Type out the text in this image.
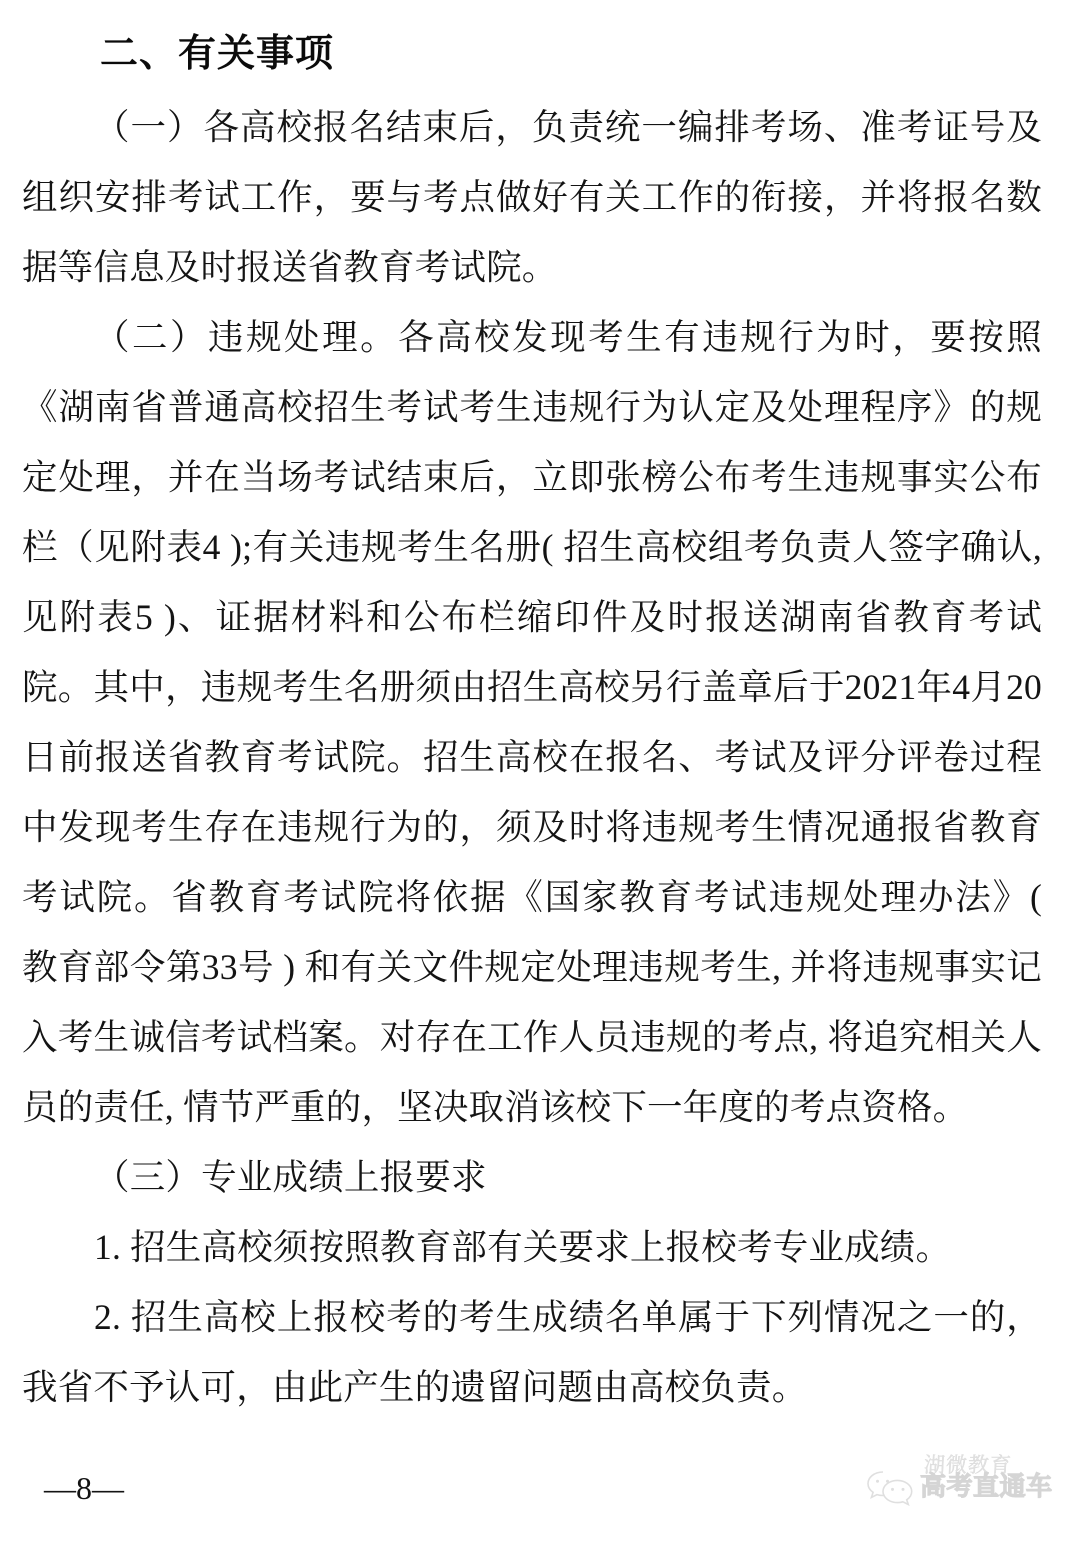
二、有关事项

（一）各高校报名结束后，负责统一编排考场、准考证号及组织安排考试工作，要与考点做好有关工作的衔接，并将报名数据等信息及时报送省教育考试院。

（二）违规处理。各高校发现考生有违规行为时，要按照《湖南省普通高校招生考试考生违规行为认定及处理程序》的规定处理，并在当场考试结束后，立即张榜公布考生违规事实公布栏（见附表4 );有关违规考生名册( 招生高校组考负责人签字确认, 见附表5 )、证据材料和公布栏缩印件及时报送湖南省教育考试院。其中，违规考生名册须由招生高校另行盖章后于2021年4月20日前报送省教育考试院。招生高校在报名、考试及评分评卷过程中发现考生存在违规行为的，须及时将违规考生情况通报省教育考试院。省教育考试院将依据《国家教育考试违规处理办法》( 教育部令第33号 ) 和有关文件规定处理违规考生, 并将违规事实记入考生诚信考试档案。对存在工作人员违规的考点, 将追究相关人员的责任, 情节严重的，坚决取消该校下一年度的考点资格。

（三）专业成绩上报要求

1. 招生高校须按照教育部有关要求上报校考专业成绩。

2. 招生高校上报校考的考生成绩名单属于下列情况之一的，我省不予认可，由此产生的遗留问题由高校负责。

—8—
湖微教育
高考直通车
